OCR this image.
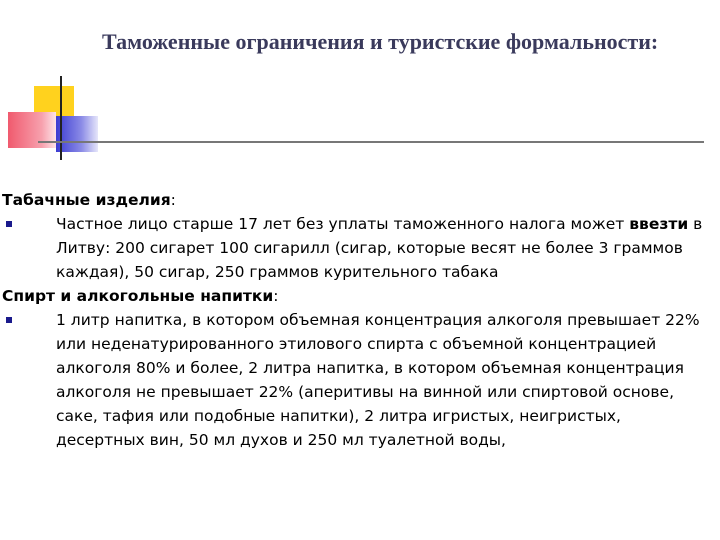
Таможенные ограничения и туристские формальности:
Табачные изделия:
Частное лицо старше 17 лет без уплаты таможенного налога может ввезти в Литву: 200 сигарет 100 сигарилл (сигар, которые весят не более 3 граммов каждая), 50 сигар, 250 граммов курительного табака
Спирт и алкогольные напитки:
1 литр напитка, в котором объемная концентрация алкоголя превышает 22% или неденатурированного этилового спирта с объемной концентрацией алкоголя 80% и более, 2 литра напитка, в котором объемная концентрация алкоголя не превышает 22% (аперитивы на винной или спиртовой основе, саке, тафия или подобные напитки), 2 литра игристых, неигристых, десертных вин, 50 мл духов и 250 мл туалетной воды,
